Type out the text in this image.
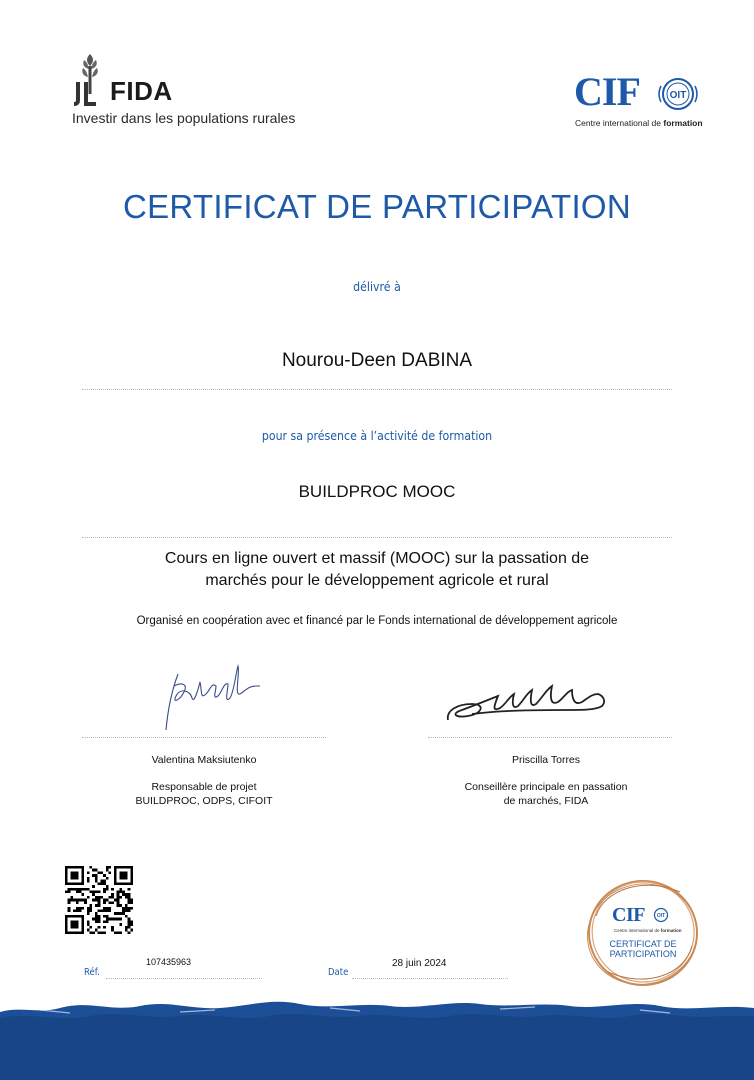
FIDA
Investir dans les populations rurales
CIF	OIT
Centre international de formation
CERTIFICAT DE PARTICIPATION
délivré à
Nourou-Deen DABINA
pour sa présence à l’activité de formation
BUILDPROC MOOC
Cours en ligne ouvert et massif (MOOC) sur la passation de
marchés pour le développement agricole et rural
Organisé en coopération avec et financé par le Fonds international de développement agricole
Valentina Maksiutenko
Responsable de projet
BUILDPROC, ODPS, CIFOIT
Priscilla Torres
Conseillère principale en passation
de marchés, FIDA
Réf.
107435963
Date
28 juin 2024
CIF OIT
Centre international de formation
CERTIFICAT DE
PARTICIPATION
